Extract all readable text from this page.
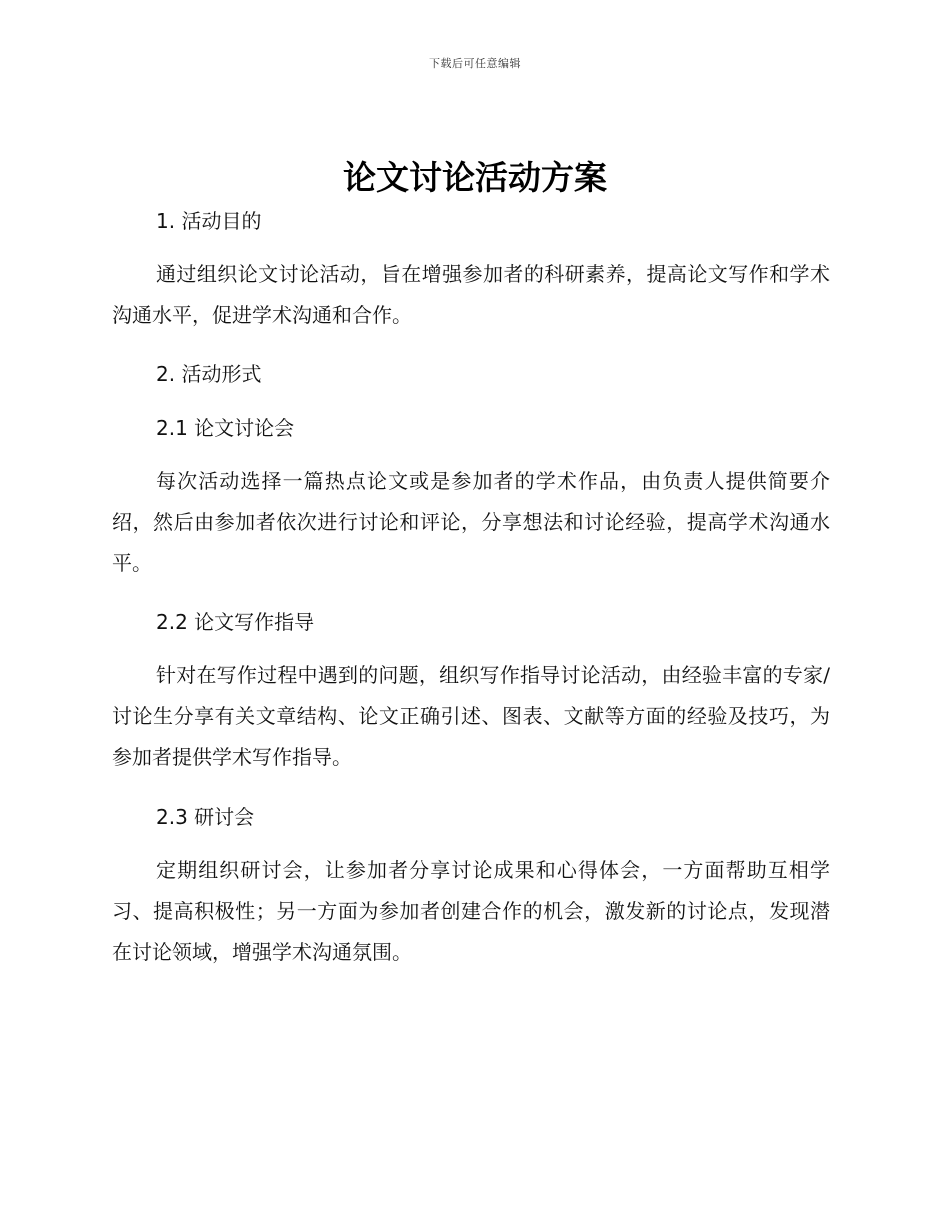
下载后可任意编辑
论文讨论活动方案
1. 活动目的

通过组织论文讨论活动，旨在增强参加者的科研素养，提高论文写作和学术沟通水平，促进学术沟通和合作。

2. 活动形式
2.1 论文讨论会

每次活动选择一篇热点论文或是参加者的学术作品，由负责人提供简要介绍，然后由参加者依次进行讨论和评论，分享想法和讨论经验，提高学术沟通水平。

2.2 论文写作指导

针对在写作过程中遇到的问题，组织写作指导讨论活动，由经验丰富的专家/讨论生分享有关文章结构、论文正确引述、图表、文献等方面的经验及技巧，为参加者提供学术写作指导。

2.3 研讨会

定期组织研讨会，让参加者分享讨论成果和心得体会，一方面帮助互相学习、提高积极性；另一方面为参加者创建合作的机会，激发新的讨论点，发现潜在讨论领域，增强学术沟通氛围。
